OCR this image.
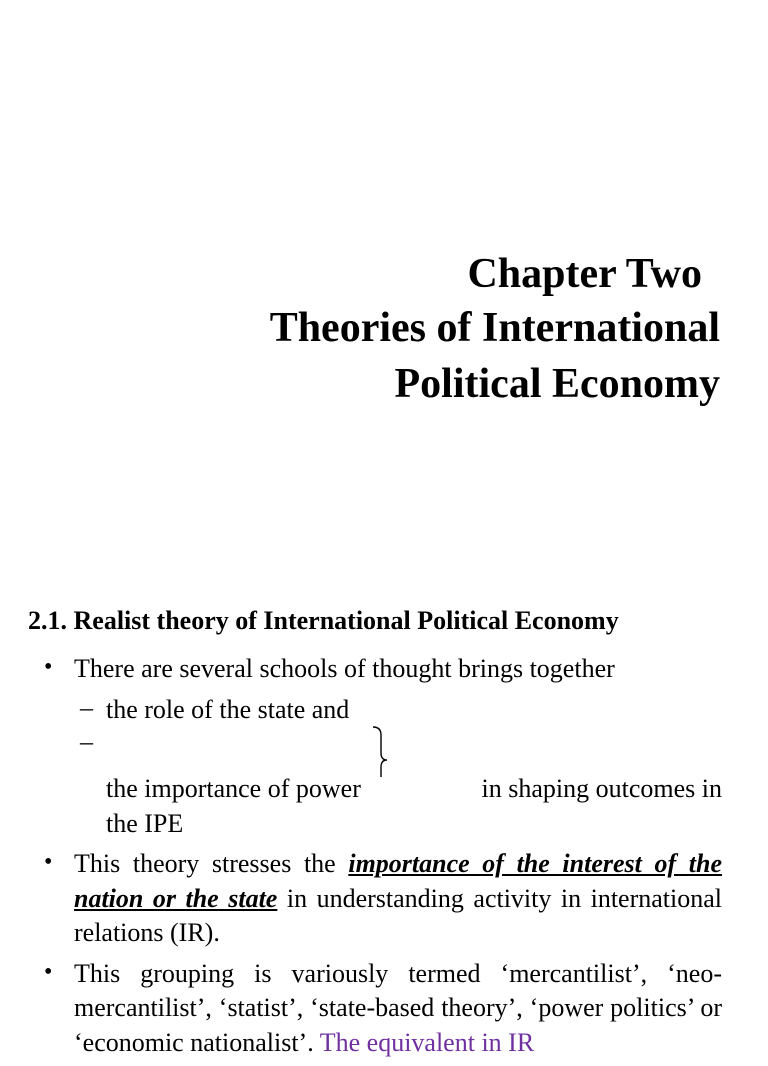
Chapter Two
Theories of International
Political Economy
2.1. Realist theory of International Political Economy
• There are several schools of thought brings together
– the role of the state and
–
the importance of power	in shaping outcomes in
the IPE
• This theory stresses the importance of the interest of the nation or the state in understanding activity in international relations (IR).
• This grouping is variously termed ‘mercantilist’, ‘neo-mercantilist’, ‘statist’, ‘state-based theory’, ‘power politics’ or ‘economic nationalist’. The equivalent in IR
